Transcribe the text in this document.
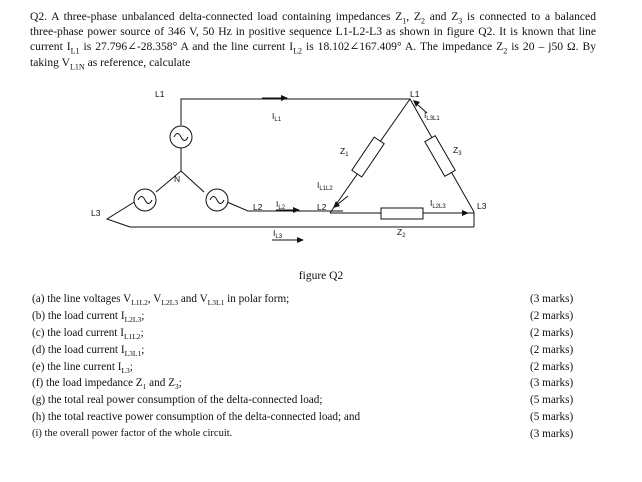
Q2. A three-phase unbalanced delta-connected load containing impedances $Z_1$, $Z_2$ and $Z_3$ is connected to a balanced three-phase power source of 346 V, 50 Hz in positive sequence L1-L2-L3 as shown in figure Q2. It is known that line current $I_{L1}$ is 27.796∠-28.358° A and the line current $I_{L2}$ is 18.102∠167.409° A. The impedance $Z_2$ is 20 – j50 Ω. By taking $V_{L1N}$ as reference, calculate
L1	L1
N
L2	L2
L3
L3
$I_{L1}$
$I_{L2}$
$I_{L3}$
$I_{L1L2}$
$I_{L3L1}$
$I_{L2L3}$
$Z_1$	$Z_3$
$Z_2$
figure Q2
(a) the line voltages $V_{L1L2}$, $V_{L2L3}$ and $V_{L3L1}$ in polar form;	(3 marks)
(b) the load current $I_{L2L3}$;	(2 marks)
(c) the load current $I_{L1L2}$;	(2 marks)
(d) the load current $I_{L3L1}$;	(2 marks)
(e) the line current $I_{L3}$;	(2 marks)
(f) the load impedance $Z_1$ and $Z_3$;	(3 marks)
(g) the total real power consumption of the delta-connected load;	(5 marks)
(h) the total reactive power consumption of the delta-connected load; and	(5 marks)
(i) the overall power factor of the whole circuit.	(3 marks)
